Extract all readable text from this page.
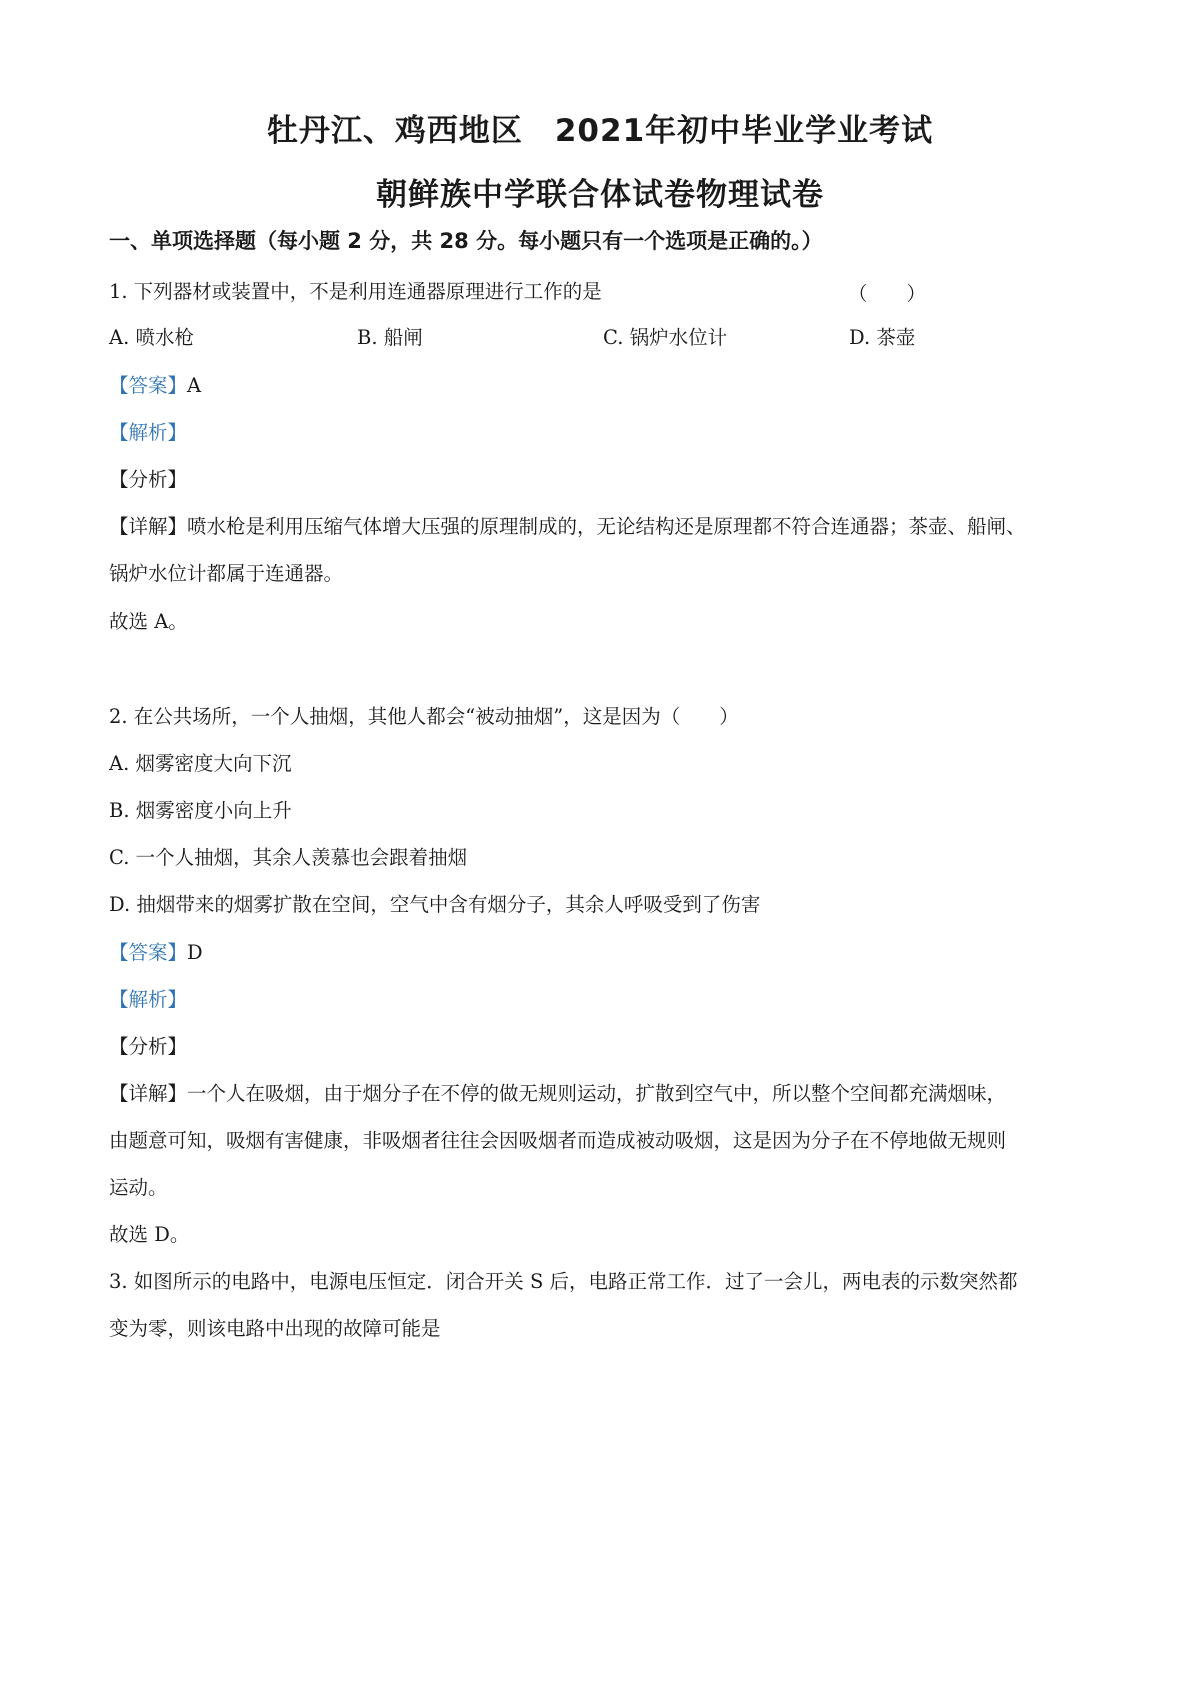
牡丹江、鸡西地区　2021年初中毕业学业考试
朝鲜族中学联合体试卷物理试卷
一、单项选择题（每小题 2 分，共 28 分。每小题只有一个选项是正确的。）
1. 下列器材或装置中，不是利用连通器原理进行工作的是	（　　）
A. 喷水枪	B. 船闸	C. 锅炉水位计	D. 茶壶
【答案】A
【解析】
【分析】
【详解】喷水枪是利用压缩气体增大压强的原理制成的，无论结构还是原理都不符合连通器；茶壶、船闸、
锅炉水位计都属于连通器。
故选 A。
2. 在公共场所，一个人抽烟，其他人都会“被动抽烟”，这是因为（　　）
A. 烟雾密度大向下沉
B. 烟雾密度小向上升
C. 一个人抽烟，其余人羡慕也会跟着抽烟
D. 抽烟带来的烟雾扩散在空间，空气中含有烟分子，其余人呼吸受到了伤害
【答案】D
【解析】
【分析】
【详解】一个人在吸烟，由于烟分子在不停的做无规则运动，扩散到空气中，所以整个空间都充满烟味，
由题意可知，吸烟有害健康，非吸烟者往往会因吸烟者而造成被动吸烟，这是因为分子在不停地做无规则
运动。
故选 D。
3. 如图所示的电路中，电源电压恒定．闭合开关 S 后，电路正常工作．过了一会儿，两电表的示数突然都
变为零，则该电路中出现的故障可能是
